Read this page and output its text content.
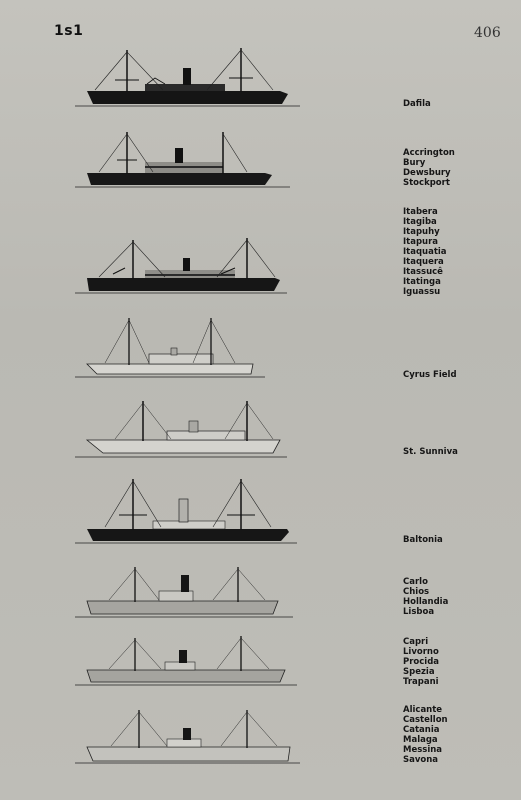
1s1	406
Dafila
Accrington
Bury
Dewsbury
Stockport
Itabera
Itagiba
Itapuhy
Itapura
Itaquatia
Itaquera
Itassucê
Itatinga
Iguassu
Cyrus Field
St. Sunniva
Baltonia
Carlo
Chios
Hollandia
Lisboa
Capri
Livorno
Procida
Spezia
Trapani
Alicante
Castellon
Catania
Malaga
Messina
Savona
